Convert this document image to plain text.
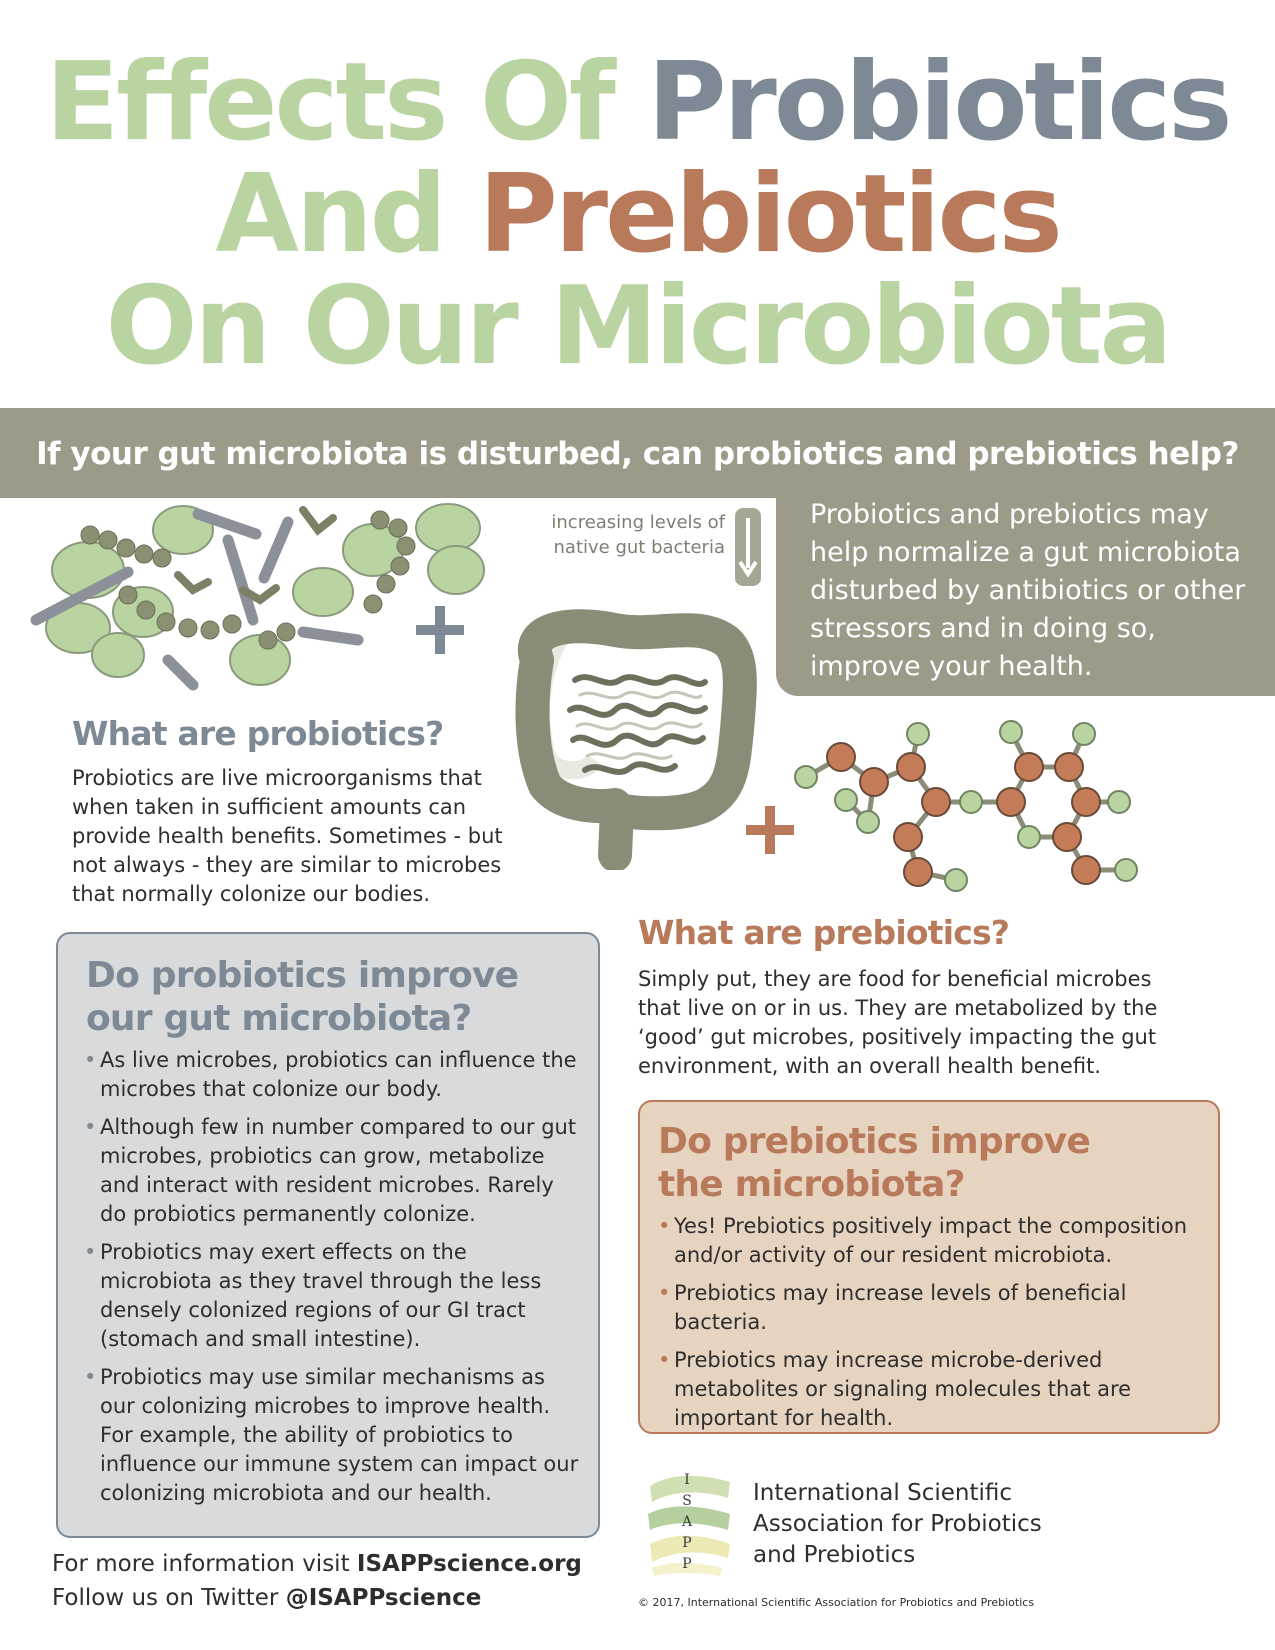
Effects Of Probiotics
And Prebiotics
On Our Microbiota
If your gut microbiota is disturbed, can probiotics and prebiotics help?
Probiotics and prebiotics may help normalize a gut microbiota disturbed by antibiotics or other stressors and in doing so, improve your health.
increasing levels of native gut bacteria
What are probiotics?
Probiotics are live microorganisms that when taken in sufficient amounts can provide health benefits. Sometimes - but not always - they are similar to microbes that normally colonize our bodies.
What are prebiotics?
Simply put, they are food for beneficial microbes that live on or in us. They are metabolized by the ‘good’ gut microbes, positively impacting the gut environment, with an overall health benefit.
Do probiotics improve
our gut microbiota?
• As live microbes, probiotics can influence the microbes that colonize our body.
• Although few in number compared to our gut microbes, probiotics can grow, metabolize and interact with resident microbes. Rarely do probiotics permanently colonize.
• Probiotics may exert effects on the microbiota as they travel through the less densely colonized regions of our GI tract (stomach and small intestine).
• Probiotics may use similar mechanisms as our colonizing microbes to improve health. For example, the ability of probiotics to influence our immune system can impact our colonizing microbiota and our health.
Do prebiotics improve
the microbiota?
• Yes! Prebiotics positively impact the composition and/or activity of our resident microbiota.
• Prebiotics may increase levels of beneficial bacteria.
• Prebiotics may increase microbe-derived metabolites or signaling molecules that are important for health.
For more information visit ISAPPscience.org
Follow us on Twitter @ISAPPscience
I
S
A
P
P
International Scientific
Association for Probiotics
and Prebiotics
© 2017, International Scientific Association for Probiotics and Prebiotics
